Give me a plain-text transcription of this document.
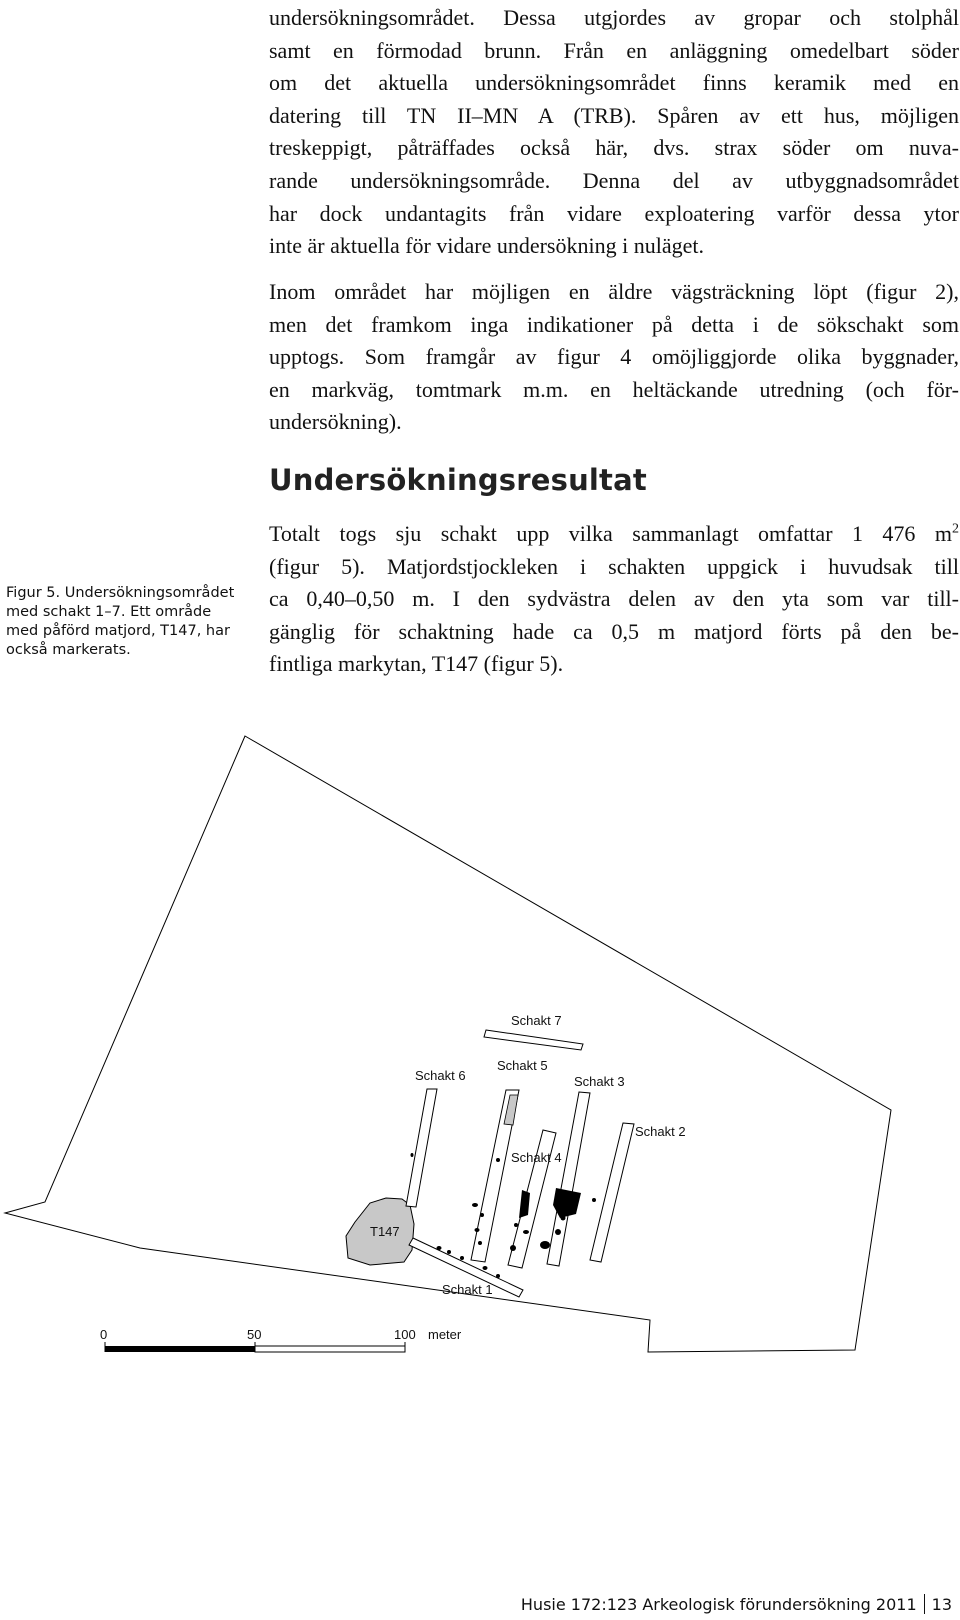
undersökningsområdet. Dessa utgjordes av gropar och stolphål
samt en förmodad brunn. Från en anläggning omedelbart söder
om det aktuella undersökningsområdet finns keramik med en
datering till TN II–MN A (TRB). Spåren av ett hus, möjligen
treskeppigt, påträffades också här, dvs. strax söder om nuva-
rande undersökningsområde. Denna del av utbyggnadsområdet
har dock undantagits från vidare exploatering varför dessa ytor
inte är aktuella för vidare undersökning i nuläget.
Inom området har möjligen en äldre vägsträckning löpt (figur 2),
men det framkom inga indikationer på detta i de sökschakt som
upptogs. Som framgår av figur 4 omöjliggjorde olika byggnader,
en markväg, tomtmark m.m. en heltäckande utredning (och för-
undersökning).
Undersökningsresultat
Totalt togs sju schakt upp vilka sammanlagt omfattar 1 476 $m^2$
(figur 5). Matjordstjockleken i schakten uppgick i huvudsak till
ca 0,40–0,50 m. I den sydvästra delen av den yta som var till-
gänglig för schaktning hade ca 0,5 m matjord förts på den be-
fintliga markytan, T147 (figur 5).
Figur 5. Undersökningsområdet
med schakt 1–7. Ett område
med påförd matjord, T147, har
också markerats.
Schakt 7
Schakt 6
Schakt 5
Schakt 3
Schakt 2
Schakt 4
T147
Schakt 1
0	50	100 meter
Husie 172:123 Arkeologisk förundersökning 2011 13
